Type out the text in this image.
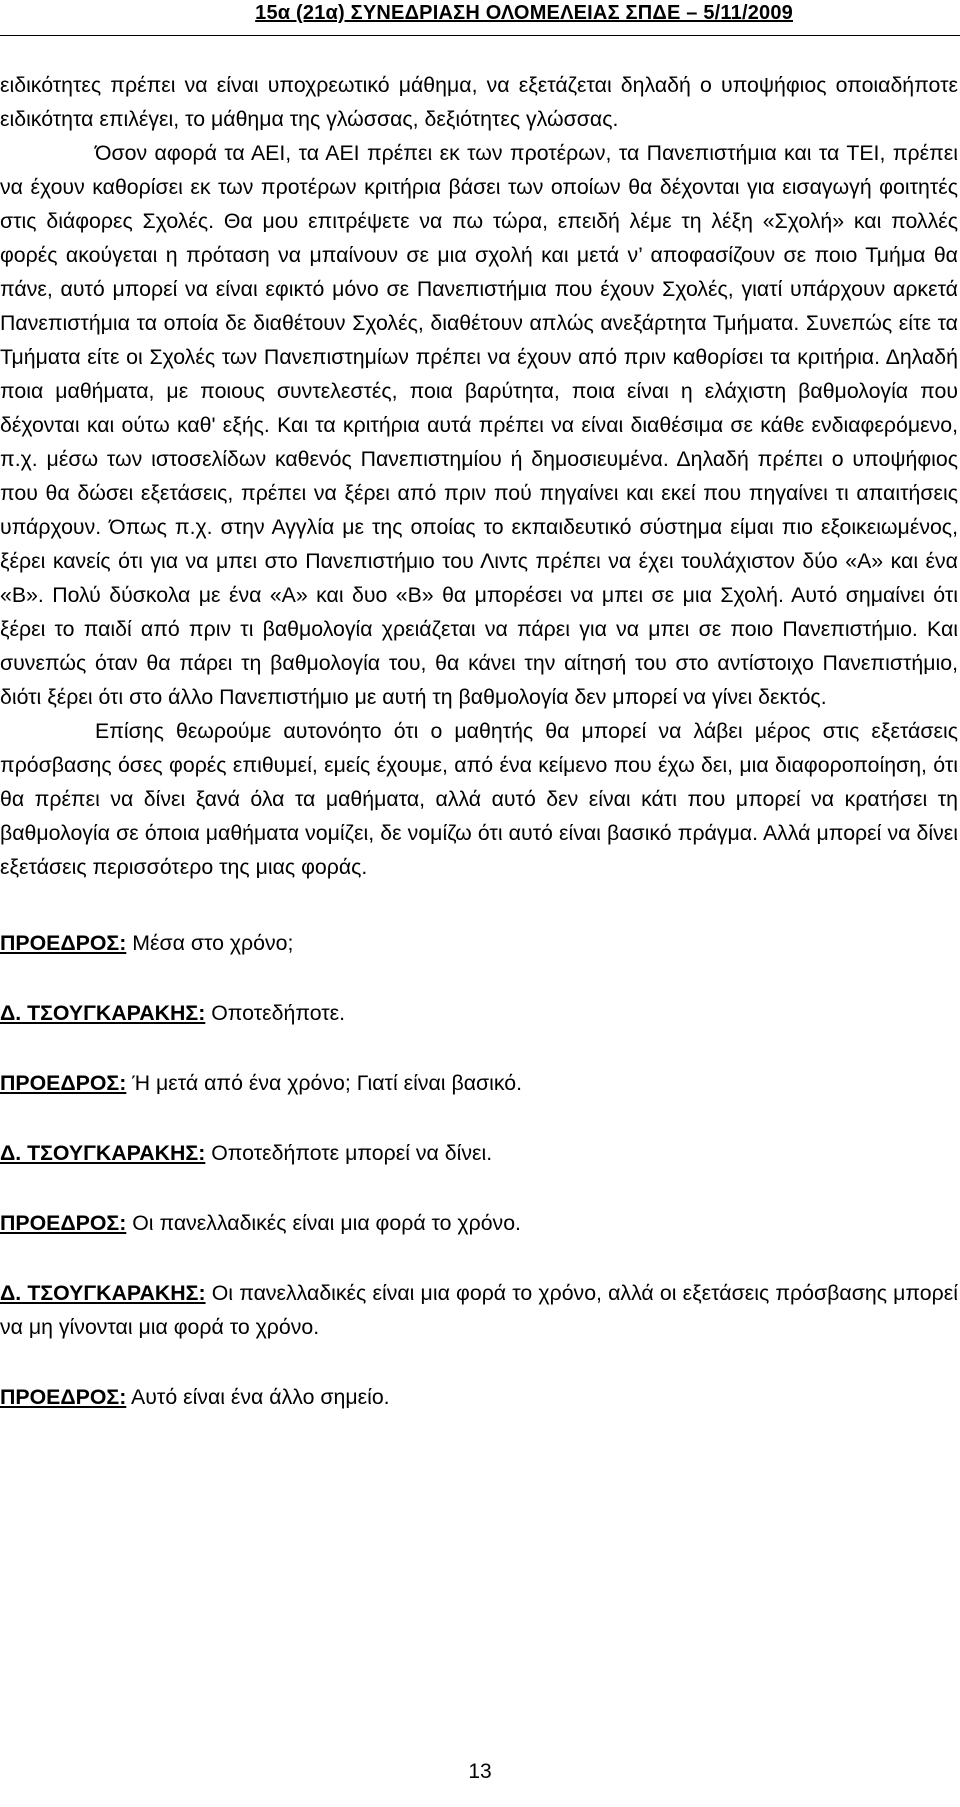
15α (21α) ΣΥΝΕΔΡΙΑΣΗ ΟΛΟΜΕΛΕΙΑΣ ΣΠΔΕ – 5/11/2009

ειδικότητες πρέπει να είναι υποχρεωτικό μάθημα, να εξετάζεται δηλαδή ο υποψήφιος οποιαδήποτε ειδικότητα επιλέγει, το μάθημα της γλώσσας, δεξιότητες γλώσσας.

Όσον αφορά τα ΑΕΙ, τα ΑΕΙ πρέπει εκ των προτέρων, τα Πανεπιστήμια και τα ΤΕΙ, πρέπει να έχουν καθορίσει εκ των προτέρων κριτήρια βάσει των οποίων θα δέχονται για εισαγωγή φοιτητές στις διάφορες Σχολές. Θα μου επιτρέψετε να πω τώρα, επειδή λέμε τη λέξη «Σχολή» και πολλές φορές ακούγεται η πρόταση να μπαίνουν σε μια σχολή και μετά ν’ αποφασίζουν σε ποιο Τμήμα θα πάνε, αυτό μπορεί να είναι εφικτό μόνο σε Πανεπιστήμια που έχουν Σχολές, γιατί υπάρχουν αρκετά Πανεπιστήμια τα οποία δε διαθέτουν Σχολές, διαθέτουν απλώς ανεξάρτητα Τμήματα. Συνεπώς είτε τα Τμήματα είτε οι Σχολές των Πανεπιστημίων πρέπει να έχουν από πριν καθορίσει τα κριτήρια. Δηλαδή ποια μαθήματα, με ποιους συντελεστές, ποια βαρύτητα, ποια είναι η ελάχιστη βαθμολογία που δέχονται και ούτω καθ' εξής. Και τα κριτήρια αυτά πρέπει να είναι διαθέσιμα σε κάθε ενδιαφερόμενο, π.χ. μέσω των ιστοσελίδων καθενός Πανεπιστημίου ή δημοσιευμένα. Δηλαδή πρέπει ο υποψήφιος που θα δώσει εξετάσεις, πρέπει να ξέρει από πριν πού πηγαίνει και εκεί που πηγαίνει τι απαιτήσεις υπάρχουν. Όπως π.χ. στην Αγγλία με της οποίας το εκπαιδευτικό σύστημα είμαι πιο εξοικειωμένος, ξέρει κανείς ότι για να μπει στο Πανεπιστήμιο του Λιντς πρέπει να έχει τουλάχιστον δύο «Α» και ένα «Β». Πολύ δύσκολα με ένα «Α» και δυο «Β» θα μπορέσει να μπει σε μια Σχολή. Αυτό σημαίνει ότι ξέρει το παιδί από πριν τι βαθμολογία χρειάζεται να πάρει για να μπει σε ποιο Πανεπιστήμιο. Και συνεπώς όταν θα πάρει τη βαθμολογία του, θα κάνει την αίτησή του στο αντίστοιχο Πανεπιστήμιο, διότι ξέρει ότι στο άλλο Πανεπιστήμιο με αυτή τη βαθμολογία δεν μπορεί να γίνει δεκτός.

Επίσης θεωρούμε αυτονόητο ότι ο μαθητής θα μπορεί να λάβει μέρος στις εξετάσεις πρόσβασης όσες φορές επιθυμεί, εμείς έχουμε, από ένα κείμενο που έχω δει, μια διαφοροποίηση, ότι θα πρέπει να δίνει ξανά όλα τα μαθήματα, αλλά αυτό δεν είναι κάτι που μπορεί να κρατήσει τη βαθμολογία σε όποια μαθήματα νομίζει, δε νομίζω ότι αυτό είναι βασικό πράγμα. Αλλά μπορεί να δίνει εξετάσεις περισσότερο της μιας φοράς.

ΠΡΟΕΔΡΟΣ: Μέσα στο χρόνο;

Δ. ΤΣΟΥΓΚΑΡΑΚΗΣ: Οποτεδήποτε.

ΠΡΟΕΔΡΟΣ: Ή μετά από ένα χρόνο; Γιατί είναι βασικό.

Δ. ΤΣΟΥΓΚΑΡΑΚΗΣ: Οποτεδήποτε μπορεί να δίνει.

ΠΡΟΕΔΡΟΣ: Οι πανελλαδικές είναι μια φορά το χρόνο.

Δ. ΤΣΟΥΓΚΑΡΑΚΗΣ: Οι πανελλαδικές είναι μια φορά το χρόνο, αλλά οι εξετάσεις πρόσβασης μπορεί να μη γίνονται μια φορά το χρόνο.

ΠΡΟΕΔΡΟΣ: Αυτό είναι ένα άλλο σημείο.

13
